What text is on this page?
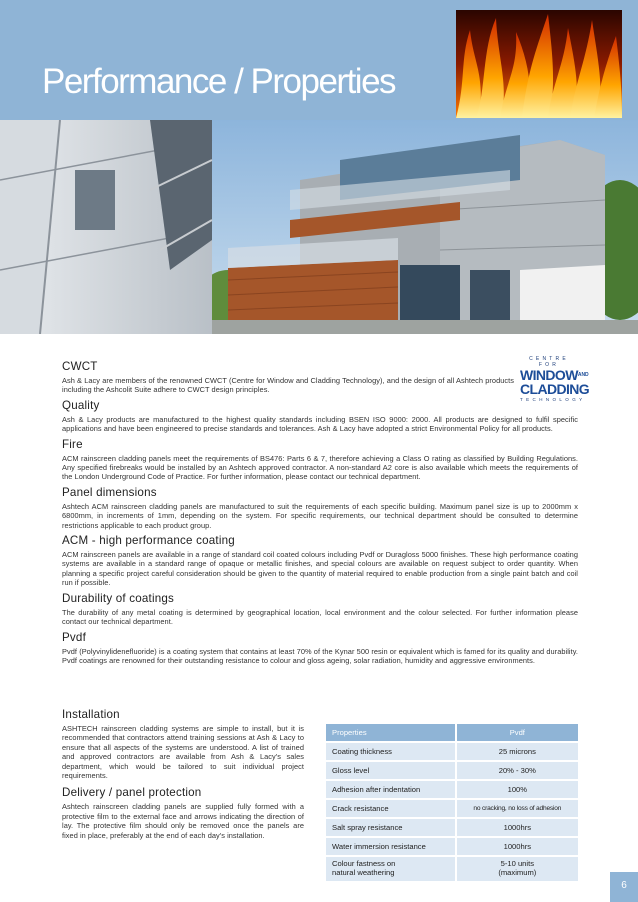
Performance / Properties
CENTRE FOR
$WINDOW^{AND}$
CLADDING
TECHNOLOGY
CWCT
Ash & Lacy are members of the renowned CWCT (Centre for Window and Cladding Technology), and the design of all Ashtech products including the Ashcolit Suite adhere to CWCT design principles.
Quality
Ash & Lacy products are manufactured to the highest quality standards including BSEN ISO 9000: 2000. All products are designed to fulfil specific applications and have been engineered to precise standards and tolerances. Ash & Lacy have adopted a strict Environmental Policy for all products.
Fire
ACM rainscreen cladding panels meet the requirements of BS476: Parts 6 & 7, therefore achieving a Class O rating as classified by Building Regulations. Any specified firebreaks would be installed by an Ashtech approved contractor. A non-standard A2 core is also available which meets the requirements of the London Underground Code of Practice. For further information, please contact our technical department.
Panel dimensions
Ashtech ACM rainscreen cladding panels are manufactured to suit the requirements of each specific building. Maximum panel size is up to 2000mm x 6800mm, in increments of 1mm, depending on the system. For specific requirements, our technical department should be consulted to determine restrictions applicable to each product group.
ACM - high performance coating
ACM rainscreen panels are available in a range of standard coil coated colours including Pvdf or Duragloss 5000 finishes. These high performance coating systems are available in a standard range of opaque or metallic finishes, and special colours are available on request subject to order quantity. When planning a specific project careful consideration should be given to the quantity of material required to enable production from a single paint batch and coil run if possible.
Durability of coatings
The durability of any metal coating is determined by geographical location, local environment and the colour selected. For further information please contact our technical department.
Pvdf
Pvdf (Polyvinylidenefluoride) is a coating system that contains at least 70% of the Kynar 500 resin or equivalent which is famed for its quality and durability. Pvdf coatings are renowned for their outstanding resistance to colour and gloss ageing, solar radiation, humidity and aggressive environments.
Installation
ASHTECH rainscreen cladding systems are simple to install, but it is recommended that contractors attend training sessions at Ash & Lacy to ensure that all aspects of the systems are understood. A list of trained and approved contractors are available from Ash & Lacy's sales department, which would be tailored to suit individual project requirements.
Delivery / panel protection
Ashtech rainscreen cladding panels are supplied fully formed with a protective film to the external face and arrows indicating the direction of lay. The protective film should only be removed once the panels are fixed in place, preferably at the end of each day's installation.
Properties	Pvdf
Coating thickness	25 microns
Gloss level	20% - 30%
Adhesion after indentation	100%
Crack resistance	no cracking, no loss of adhesion
Salt spray resistance	1000hrs
Water immersion resistance	1000hrs
Colour fastness on
natural weathering	5-10 units
(maximum)
6
